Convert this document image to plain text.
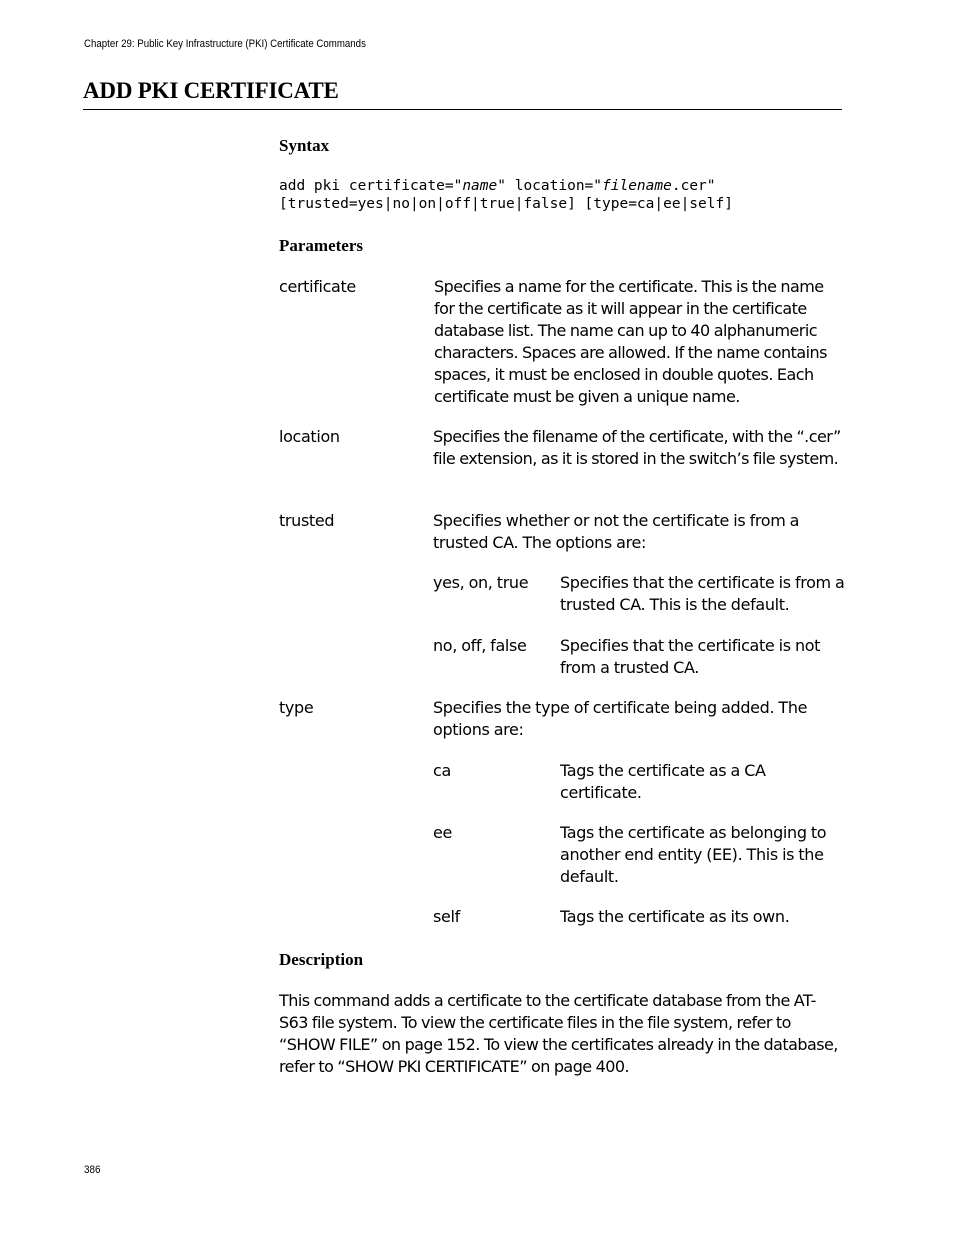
Chapter 29: Public Key Infrastructure (PKI) Certificate Commands
ADD PKI CERTIFICATE
Syntax
add pki certificate="name" location="filename.cer"
[trusted=yes|no|on|off|true|false] [type=ca|ee|self]
Parameters
certificate	Specifies a name for the certificate. This is the name for the certificate as it will appear in the certificate database list. The name can up to 40 alphanumeric characters. Spaces are allowed. If the name contains spaces, it must be enclosed in double quotes. Each certificate must be given a unique name.
location	Specifies the filename of the certificate, with the “.cer” file extension, as it is stored in the switch’s file system.
trusted	Specifies whether or not the certificate is from a trusted CA. The options are:
yes, on, true Specifies that the certificate is from a trusted CA. This is the default.
no, off, false Specifies that the certificate is not from a trusted CA.
type	Specifies the type of certificate being added. The options are:
ca	Tags the certificate as a CA certificate.
ee	Tags the certificate as belonging to another end entity (EE). This is the default.
self	Tags the certificate as its own.
Description
This command adds a certificate to the certificate database from the AT-S63 file system. To view the certificate files in the file system, refer to “SHOW FILE” on page 152. To view the certificates already in the database, refer to “SHOW PKI CERTIFICATE” on page 400.
386
